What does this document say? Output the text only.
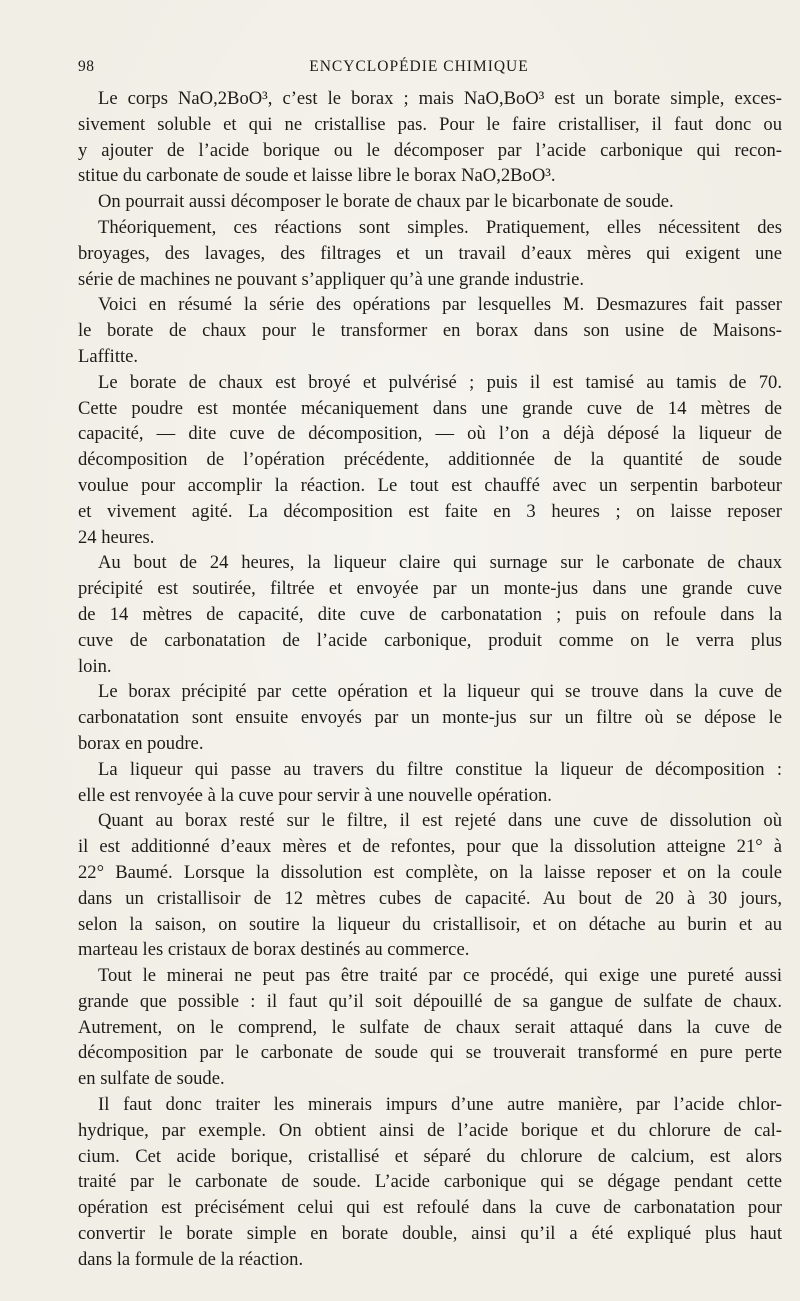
98	ENCYCLOPÉDIE CHIMIQUE

Le corps NaO,2BoO³, c’est le borax ; mais NaO,BoO³ est un borate simple, exces-
sivement soluble et qui ne cristallise pas. Pour le faire cristalliser, il faut donc ou
y ajouter de l’acide borique ou le décomposer par l’acide carbonique qui recon-
stitue du carbonate de soude et laisse libre le borax NaO,2BoO³.

On pourrait aussi décomposer le borate de chaux par le bicarbonate de soude.

Théoriquement, ces réactions sont simples. Pratiquement, elles nécessitent des
broyages, des lavages, des filtrages et un travail d’eaux mères qui exigent une
série de machines ne pouvant s’appliquer qu’à une grande industrie.

Voici en résumé la série des opérations par lesquelles M. Desmazures fait passer
le borate de chaux pour le transformer en borax dans son usine de Maisons-
Laffitte.

Le borate de chaux est broyé et pulvérisé ; puis il est tamisé au tamis de 70.
Cette poudre est montée mécaniquement dans une grande cuve de 14 mètres de
capacité, — dite cuve de décomposition, — où l’on a déjà déposé la liqueur de
décomposition de l’opération précédente, additionnée de la quantité de soude
voulue pour accomplir la réaction. Le tout est chauffé avec un serpentin barboteur
et vivement agité. La décomposition est faite en 3 heures ; on laisse reposer
24 heures.

Au bout de 24 heures, la liqueur claire qui surnage sur le carbonate de chaux
précipité est soutirée, filtrée et envoyée par un monte-jus dans une grande cuve
de 14 mètres de capacité, dite cuve de carbonatation ; puis on refoule dans la
cuve de carbonatation de l’acide carbonique, produit comme on le verra plus
loin.

Le borax précipité par cette opération et la liqueur qui se trouve dans la cuve de
carbonatation sont ensuite envoyés par un monte-jus sur un filtre où se dépose le
borax en poudre.

La liqueur qui passe au travers du filtre constitue la liqueur de décomposition :
elle est renvoyée à la cuve pour servir à une nouvelle opération.

Quant au borax resté sur le filtre, il est rejeté dans une cuve de dissolution où
il est additionné d’eaux mères et de refontes, pour que la dissolution atteigne 21° à
22° Baumé. Lorsque la dissolution est complète, on la laisse reposer et on la coule
dans un cristallisoir de 12 mètres cubes de capacité. Au bout de 20 à 30 jours,
selon la saison, on soutire la liqueur du cristallisoir, et on détache au burin et au
marteau les cristaux de borax destinés au commerce.

Tout le minerai ne peut pas être traité par ce procédé, qui exige une pureté aussi
grande que possible : il faut qu’il soit dépouillé de sa gangue de sulfate de chaux.
Autrement, on le comprend, le sulfate de chaux serait attaqué dans la cuve de
décomposition par le carbonate de soude qui se trouverait transformé en pure perte
en sulfate de soude.

Il faut donc traiter les minerais impurs d’une autre manière, par l’acide chlor-
hydrique, par exemple. On obtient ainsi de l’acide borique et du chlorure de cal-
cium. Cet acide borique, cristallisé et séparé du chlorure de calcium, est alors
traité par le carbonate de soude. L’acide carbonique qui se dégage pendant cette
opération est précisément celui qui est refoulé dans la cuve de carbonatation pour
convertir le borate simple en borate double, ainsi qu’il a été expliqué plus haut
dans la formule de la réaction.
